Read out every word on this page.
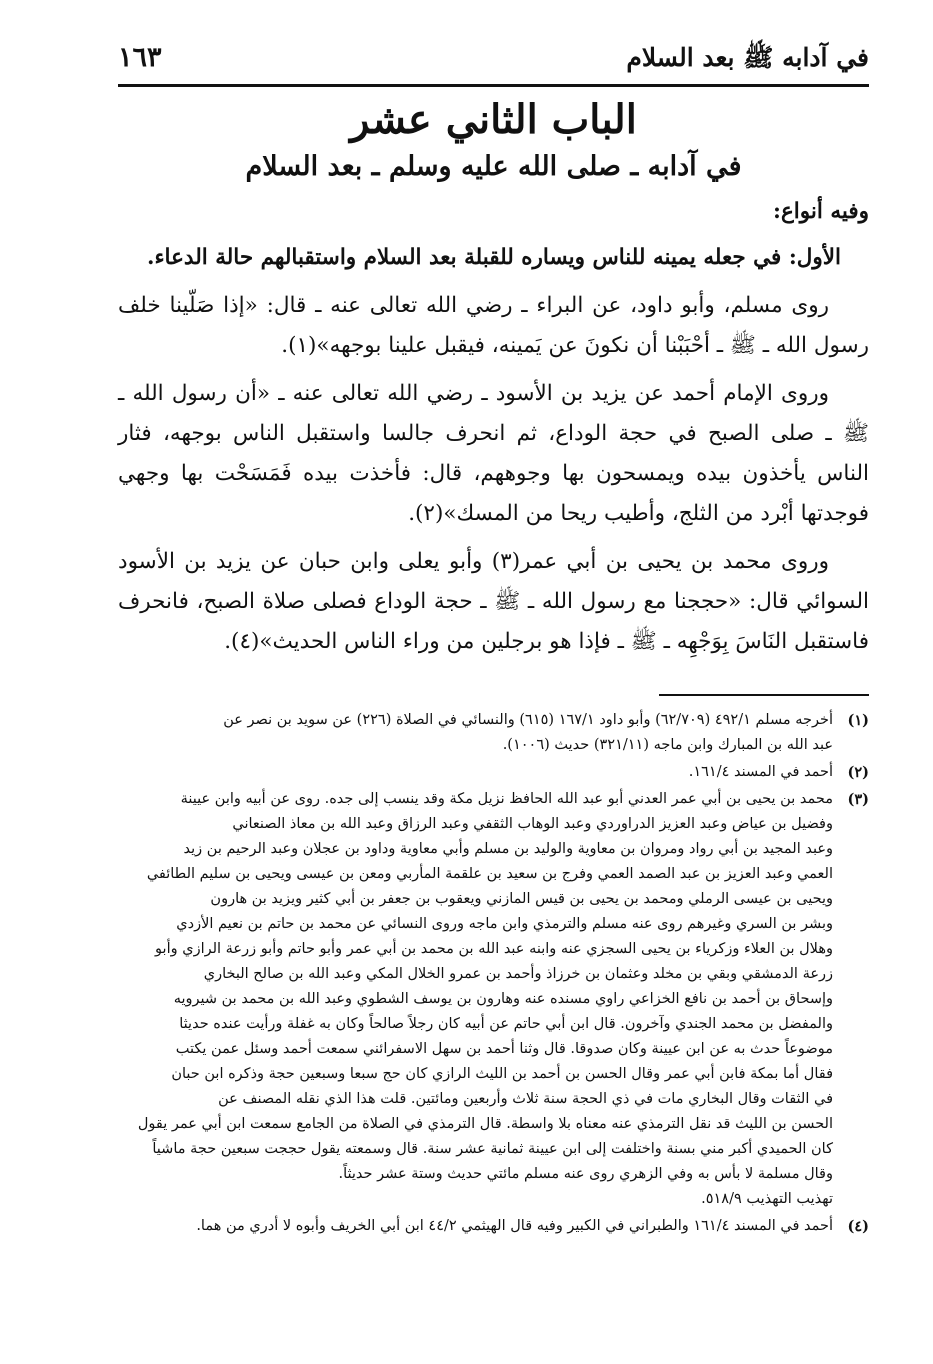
في آدابه ﷺ بعد السلام
١٦٣
الباب الثاني عشر
في آدابه ـ صلى الله عليه وسلم ـ بعد السلام

وفيه أنواع:

الأول: في جعله يمينه للناس ويساره للقبلة بعد السلام واستقبالهم حالة الدعاء.

روى مسلم، وأبو داود، عن البراء ـ رضي الله تعالى عنه ـ قال: «إذا صَلّينا خلف رسول الله ـ ﷺ ـ أحْبَبْنا أن نكونَ عن يَمينه، فيقبل علينا بوجهه»(١).

وروى الإمام أحمد عن يزيد بن الأسود ـ رضي الله تعالى عنه ـ «أن رسول الله ـ ﷺ ـ صلى الصبح في حجة الوداع، ثم انحرف جالسا واستقبل الناس بوجهه، فثار الناس يأخذون بيده ويمسحون بها وجوههم، قال: فأخذت بيده فَمَسَحْت بها وجهي فوجدتها أبْرد من الثلج، وأطيب ريحا من المسك»(٢).

وروى محمد بن يحيى بن أبي عمر(٣) وأبو يعلى وابن حبان عن يزيد بن الأسود السوائي قال: «حججنا مع رسول الله ـ ﷺ ـ حجة الوداع فصلى صلاة الصبح، فانحرف فاستقبل النَاسَ بِوَجْهِه ـ ﷺ ـ فإذا هو برجلين من وراء الناس الحديث»(٤).

(١)
أخرجه مسلم ٤٩٢/١ (٦٢/٧٠٩) وأبو داود ١٦٧/١ (٦١٥) والنسائي في الصلاة (٢٢٦) عن سويد بن نصر عن
عبد الله بن المبارك وابن ماجه (٣٢١/١١) حديث (١٠٠٦).
(٢)
أحمد في المسند ١٦١/٤.
(٣)
محمد بن يحيى بن أبي عمر العدني أبو عبد الله الحافظ نزيل مكة وقد ينسب إلى جده. روى عن أبيه وابن عيينة
وفضيل بن عياض وعبد العزيز الدراوردي وعبد الوهاب الثقفي وعبد الرزاق وعبد الله بن معاذ الصنعاني
وعبد المجيد بن أبي رواد ومروان بن معاوية والوليد بن مسلم وأبي معاوية وداود بن عجلان وعبد الرحيم بن زيد
العمي وعبد العزيز بن عبد الصمد العمي وفرج بن سعيد بن علقمة المأربي ومعن بن عيسى ويحيى بن سليم الطائفي
ويحيى بن عيسى الرملي ومحمد بن يحيى بن قيس المازني ويعقوب بن جعفر بن أبي كثير ويزيد بن هارون
وبشر بن السري وغيرهم روى عنه مسلم والترمذي وابن ماجه وروى النسائي عن محمد بن حاتم بن نعيم الأزدي
وهلال بن العلاء وزكرياء بن يحيى السجزي عنه وابنه عبد الله بن محمد بن أبي عمر وأبو حاتم وأبو زرعة الرازي وأبو
زرعة الدمشقي وبقي بن مخلد وعثمان بن خرزاذ وأحمد بن عمرو الخلال المكي وعبد الله بن صالح البخاري
وإسحاق بن أحمد بن نافع الخزاعي راوي مسنده عنه وهارون بن يوسف الشطوي وعبد الله بن محمد بن شيرويه
والمفضل بن محمد الجندي وآخرون. قال ابن أبي حاتم عن أبيه كان رجلاً صالحاً وكان به غفلة ورأيت عنده حديثا
موضوعاً حدث به عن ابن عيينة وكان صدوقا. قال وثنا أحمد بن سهل الاسفرائني سمعت أحمد وسئل عمن يكتب
فقال أما بمكة فابن أبي عمر وقال الحسن بن أحمد بن الليث الرازي كان حج سبعا وسبعين حجة وذكره ابن حبان
في الثقات وقال البخاري مات في ذي الحجة سنة ثلاث وأربعين ومائتين. قلت هذا الذي نقله المصنف عن
الحسن بن الليث قد نقل الترمذي عنه معناه بلا واسطة. قال الترمذي في الصلاة من الجامع سمعت ابن أبي عمر يقول
كان الحميدي أكبر مني بسنة واختلفت إلى ابن عيينة ثمانية عشر سنة. قال وسمعته يقول حججت سبعين حجة ماشياً
وقال مسلمة لا بأس به وفي الزهري روى عنه مسلم مائتي حديث وستة عشر حديثاً.
تهذيب التهذيب ٥١٨/٩.
(٤)
أحمد في المسند ١٦١/٤ والطبراني في الكبير وفيه قال الهيثمي ٤٤/٢ ابن أبي الخريف وأبوه لا أدري من هما.
